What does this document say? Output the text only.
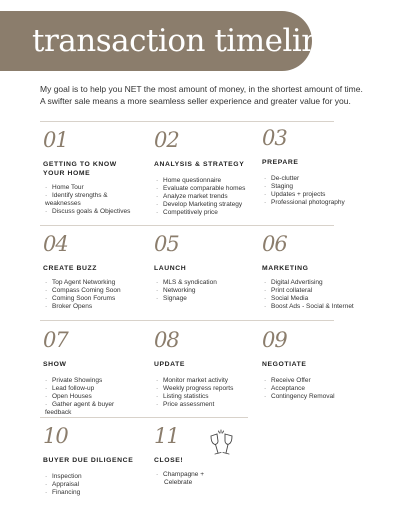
transaction timeline

My goal is to help you NET the most amount of money, in the shortest amount of time.

A swifter sale means a more seamless seller experience and greater value for you.

01
GETTING TO KNOW
YOUR HOME
· Home Tour
· Identify strengths &
weaknesses
· Discuss goals & Objectives
02
ANALYSIS & STRATEGY
· Home questionnaire
· Evaluate comparable homes
· Analyze market trends
· Develop Marketing strategy
· Competitively price
03
PREPARE
· De-clutter
· Staging
· Updates + projects
· Professional photography
04
CREATE BUZZ
· Top Agent Networking
· Compass Coming Soon
· Coming Soon Forums
· Broker Opens
05
LAUNCH
· MLS & syndication
· Networking
· Signage
06
MARKETING
· Digital Advertising
· Print collateral
· Social Media
· Boost Ads - Social & Internet
07
SHOW
· Private Showings
· Lead follow-up
· Open Houses
· Gather agent & buyer
feedback
08
UPDATE
· Monitor market activity
· Weekly progress reports
· Listing statistics
· Price assessment
09
NEGOTIATE
· Receive Offer
· Acceptance
· Contingency Removal
10
BUYER DUE DILIGENCE
· Inspection
· Appraisal
· Financing
11
CLOSE!
· Champagne +
Celebrate
